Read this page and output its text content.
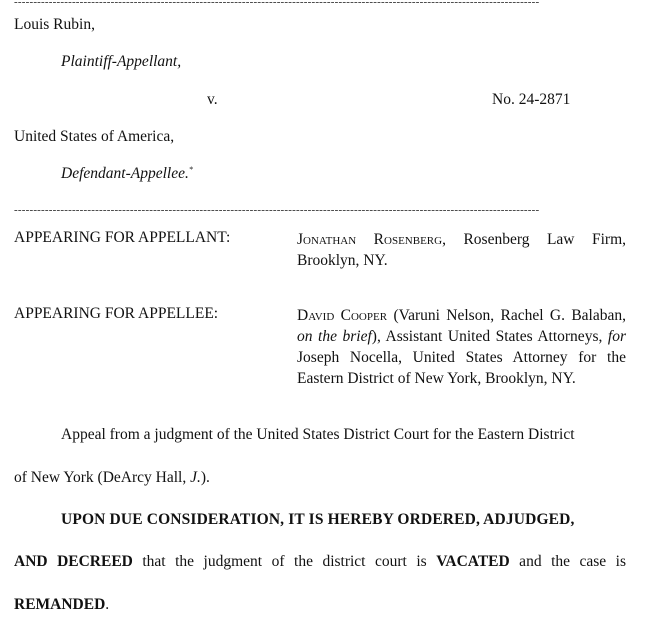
----------------------------------------------------------------------------------------------------------------------------------------
Louis Rubin,
Plaintiff-Appellant,
v.	No. 24-2871
United States of America,
Defendant-Appellee.*
----------------------------------------------------------------------------------------------------------------------------------------
APPEARING FOR APPELLANT:	Jonathan Rosenberg, Rosenberg Law Firm, Brooklyn, NY.
APPEARING FOR APPELLEE:	David Cooper (Varuni Nelson, Rachel G. Balaban, on the brief), Assistant United States Attorneys, for Joseph Nocella, United States Attorney for the Eastern District of New York, Brooklyn, NY.
Appeal from a judgment of the United States District Court for the Eastern District
of New York (DeArcy Hall, J.).
UPON DUE CONSIDERATION, IT IS HEREBY ORDERED, ADJUDGED,
AND DECREED that the judgment of the district court is VACATED and the case is
REMANDED.
